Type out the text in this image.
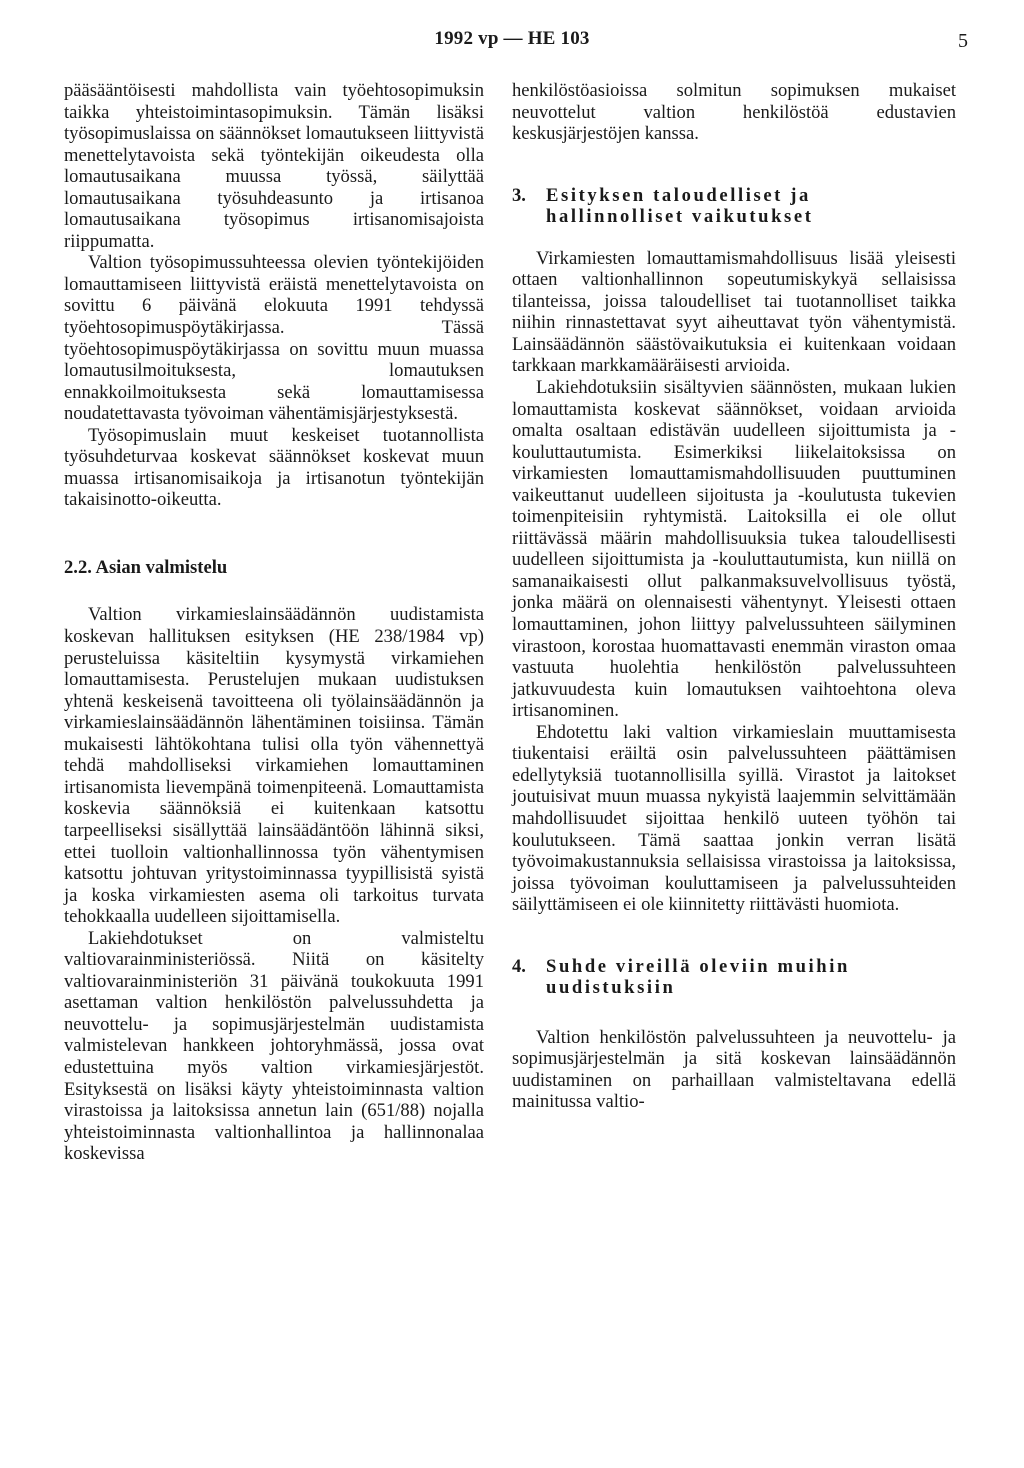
1992 vp — HE 103	5

pääsääntöisesti mahdollista vain työehtosopimuksin taikka yhteistoimintasopimuksin. Tämän lisäksi työsopimuslaissa on säännökset lomautukseen liittyvistä menettelytavoista sekä työntekijän oikeudesta olla lomautusaikana muussa työssä, säilyttää lomautusaikana työsuhdeasunto ja irtisanoa lomautusaikana työsopimus irtisanomisajoista riippumatta.

Valtion työsopimussuhteessa olevien työntekijöiden lomauttamiseen liittyvistä eräistä menettelytavoista on sovittu 6 päivänä elokuuta 1991 tehdyssä työehtosopimuspöytäkirjassa. Tässä työehtosopimuspöytäkirjassa on sovittu muun muassa lomautusilmoituksesta, lomautuksen ennakkoilmoituksesta sekä lomauttamisessa noudatettavasta työvoiman vähentämisjärjestyksestä.

Työsopimuslain muut keskeiset tuotannollista työsuhdeturvaa koskevat säännökset koskevat muun muassa irtisanomisaikoja ja irtisanotun työntekijän takaisinotto-oikeutta.

2.2. Asian valmistelu

Valtion virkamieslainsäädännön uudistamista koskevan hallituksen esityksen (HE 238/1984 vp) perusteluissa käsiteltiin kysymystä virkamiehen lomauttamisesta. Perustelujen mukaan uudistuksen yhtenä keskeisenä tavoitteena oli työlainsäädännön ja virkamieslainsäädännön lähentäminen toisiinsa. Tämän mukaisesti lähtökohtana tulisi olla työn vähennettyä tehdä mahdolliseksi virkamiehen lomauttaminen irtisanomista lievempänä toimenpiteenä. Lomauttamista koskevia säännöksiä ei kuitenkaan katsottu tarpeelliseksi sisällyttää lainsäädäntöön lähinnä siksi, ettei tuolloin valtionhallinnossa työn vähentymisen katsottu johtuvan yritystoiminnassa tyypillisistä syistä ja koska virkamiesten asema oli tarkoitus turvata tehokkaalla uudelleen sijoittamisella.

Lakiehdotukset on valmisteltu valtiovarainministeriössä. Niitä on käsitelty valtiovarainministeriön 31 päivänä toukokuuta 1991 asettaman valtion henkilöstön palvelussuhdetta ja neuvottelu- ja sopimusjärjestelmän uudistamista valmistelevan hankkeen johtoryhmässä, jossa ovat edustettuina myös valtion virkamiesjärjestöt. Esityksestä on lisäksi käyty yhteistoiminnasta valtion virastoissa ja laitoksissa annetun lain (651/88) nojalla yhteistoiminnasta valtionhallintoa ja hallinnonalaa koskevissa

henkilöstöasioissa solmitun sopimuksen mukaiset neuvottelut valtion henkilöstöä edustavien keskusjärjestöjen kanssa.

3.	Esityksen taloudelliset ja hallinnolliset vaikutukset

Virkamiesten lomauttamismahdollisuus lisää yleisesti ottaen valtionhallinnon sopeutumiskykyä sellaisissa tilanteissa, joissa taloudelliset tai tuotannolliset taikka niihin rinnastettavat syyt aiheuttavat työn vähentymistä. Lainsäädännön säästövaikutuksia ei kuitenkaan voidaan tarkkaan markkamääräisesti arvioida.

Lakiehdotuksiin sisältyvien säännösten, mukaan lukien lomauttamista koskevat säännökset, voidaan arvioida omalta osaltaan edistävän uudelleen sijoittumista ja -kouluttautumista. Esimerkiksi liikelaitoksissa on virkamiesten lomauttamismahdollisuuden puuttuminen vaikeuttanut uudelleen sijoitusta ja -koulutusta tukevien toimenpiteisiin ryhtymistä. Laitoksilla ei ole ollut riittävässä määrin mahdollisuuksia tukea taloudellisesti uudelleen sijoittumista ja -kouluttautumista, kun niillä on samanaikaisesti ollut palkanmaksuvelvollisuus työstä, jonka määrä on olennaisesti vähentynyt. Yleisesti ottaen lomauttaminen, johon liittyy palvelussuhteen säilyminen virastoon, korostaa huomattavasti enemmän viraston omaa vastuuta huolehtia henkilöstön palvelussuhteen jatkuvuudesta kuin lomautuksen vaihtoehtona oleva irtisanominen.

Ehdotettu laki valtion virkamieslain muuttamisesta tiukentaisi eräiltä osin palvelussuhteen päättämisen edellytyksiä tuotannollisilla syillä. Virastot ja laitokset joutuisivat muun muassa nykyistä laajemmin selvittämään mahdollisuudet sijoittaa henkilö uuteen työhön tai koulutukseen. Tämä saattaa jonkin verran lisätä työvoimakustannuksia sellaisissa virastoissa ja laitoksissa, joissa työvoiman kouluttamiseen ja palvelussuhteiden säilyttämiseen ei ole kiinnitetty riittävästi huomiota.

4.	Suhde vireillä oleviin muihin uudistuksiin

Valtion henkilöstön palvelussuhteen ja neuvottelu- ja sopimusjärjestelmän ja sitä koskevan lainsäädännön uudistaminen on parhaillaan valmisteltavana edellä mainitussa valtio-
